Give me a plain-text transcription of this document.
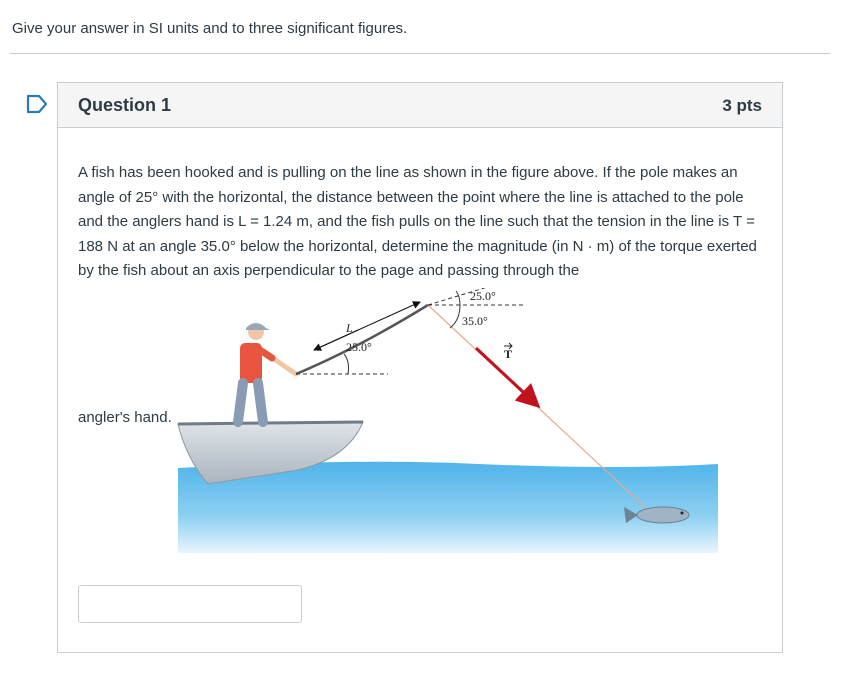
Give your answer in SI units and to three significant figures.
Question 1	3 pts
A fish has been hooked and is pulling on the line as shown in the figure above. If the pole makes an angle of 25° with the horizontal, the distance between the point where the line is attached to the pole and the anglers hand is L = 1.24 m, and the fish pulls on the line such that the tension in the line is T = 188 N at an angle 35.0° below the horizontal, determine the magnitude (in N · m) of the torque exerted by the fish about an axis perpendicular to the page and passing through the
L
25.0°
35.0°
25.0°	T
angler's hand.
